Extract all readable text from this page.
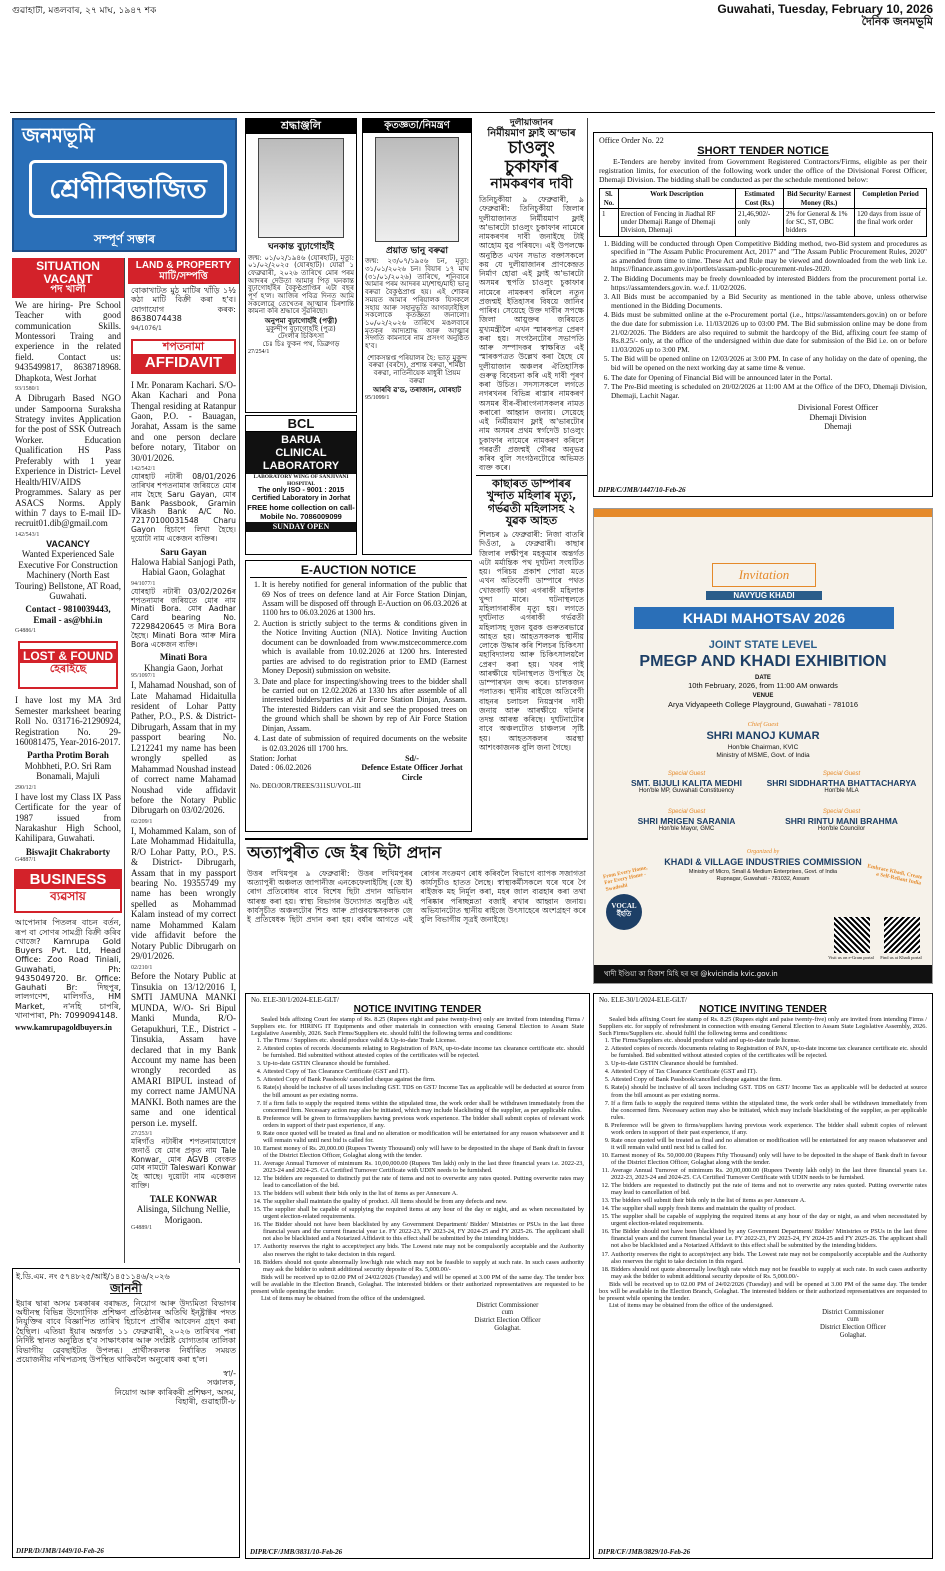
গুৱাহাটী, মঙলবাৰ, ২৭ মাঘ, ১৯৪৭ শক	Guwahati, Tuesday, February 10, 2026
দৈনিক জনমভূমি
জনমভূমি
শ্ৰেণীবিভাজিত
সম্পূৰ্ণ সম্ভাৰ
SITUATION VACANT
পদ খালী

We are hiring- Pre School Teacher with good communication Skills. Montessori Traing and experience in the related field. Contact us: 9435499817, 8638718968. Dhapkota, West Jorhat

93/1580/1

A Dibrugarh Based NGO under Sampoorna Suraksha Strategy invites Application for the post of SSK Outreach Worker. Education Qualification HS Pass Preferably with 1 year Experience in District- Level Health/HIV/AIDS Programmes. Salary as per ASACS Norms. Apply within 7 days to E-mail ID-recruit01.dib@gmail.com

142/543/1
VACANCY

Wanted Experienced Sale Executive For Construction Machinery (North East Touring) Bellstone, AT Road, Guwahati.

Contact - 9810039443, Email - as@bhi.in

G4886/1
LOST & FOUND
হেৰাইছে

I have lost my MA 3rd Semester marksheet bearing Roll No. 031716-21290924, Registration No. 29-160081475, Year-2016-2017.

Partha Protim Borah

Mohbheti, P.O. Sri Ram Bonamali, Majuli

290/12/1

I have lost my Class IX Pass Certificate for the year of 1987 issued from Narakashur High School, Kahilipara, Guwahati.

Biswajit Chakraborty

G4887/1
BUSINESS
ব্যৱসায়

আপোনাৰ পিতলৰ বাচন বৰ্তন, ৰূপ বা সোণৰ সামগ্ৰী বিক্ৰী কৰিব খোজে? Kamrupa Gold Buyers Pvt. Ltd, Head Office: Zoo Road Tiniali, Guwahati, Ph: 9435049720. Br. Office: Gauhati Br: দিছপুৰ, লালগণেশ, মালিগাঁও, HM Market, ন'নহি চাপৰি, খানাপাৰা, Ph: 7099094148.

www.kamrupagoldbuyers.in

LAND & PROPERTY
মাটি/সম্পত্তি

বোকাখাটত মুঠ মাটিৰ খাঁড়ি ১½ কঠা মাটি বিক্ৰী কৰা হ'ব। যোগাযোগ কৰক: 8638074438

94/1076/1
শপতনামা
AFFIDAVIT

I Mr. Ponaram Kachari. S/O- Akan Kachari and Pona Thengal residing at Ratanpur Gaon, P.O. - Bauagan, Jorahat, Assam is the same and one person declare before notary, Titabor on 30/01/2026.

142/542/1

যোৰহাট নটাৰী 08/01/2026 তাৰিখৰ শপতনামাৰ জৰিয়তে মোৰ নাম হৈছে Saru Gayan, মোৰ Bank Passbook, Gramin Vikash Bank A/C No. 72170100031548 Charu Gayon হিচাপে লিখা হৈছে। দুয়োটা নাম একেজন ব্যক্তিৰ।

Saru Gayan

Halowa Habial Sanjogi Path, Habial Gaon, Golaghat

94/1077/1

যোৰহাট নটাৰী 03/02/2026ৰ শপতনামাৰ জৰিয়তে মোৰ নাম Minati Bora. মোৰ Aadhar Card bearing No. 72298420645 ত Mira Bora হৈছে। Minati Bora আৰু Mira Bora একেজন ব্যক্তি।

Minati Bora

Khangia Gaon, Jorhat

95/1097/1

I, Mahamad Noushad, son of Late Mahamad Hidaitulla resident of Lohar Patty Pather, P.O., P.S. & District-Dibrugarh, Assam that in my passport bearing No. L212241 my name has been wrongly spelled as Mahammad Noushad instead of correct name Mahamad Noushad vide affidavit before the Notary Public Dibrugarh on 03/02/2026.

02/209/1

I, Mohammed Kalam, son of Late Mohammad Hidaitulla, R/O Lohar Patty, P.O., P.S. & District- Dibrugarh, Assam that in my passport bearing No. 19355749 my name has been wrongly spelled as Mohammad Kalam instead of my correct name Mohammed Kalam vide affidavit before the Notary Public Dibrugarh on 29/01/2026.

02/210/1

Before the Notary Public at Tinsukia on 13/12/2016 I, SMTI JAMUNA MANKI MUNDA, W/O- Sri Bipul Manki Munda, R/O- Getapukhuri, T.E., District - Tinsukia, Assam have declared that in my Bank Account my name has been wrongly recorded as AMARI BIPUL instead of my correct name JAMUNA MANKI. Both names are the same and one identical person i.e. myself.

27/253/1

মৰিগাঁও নটাৰীৰ শপতনামাযোগে জনাওঁ যে মোৰ প্ৰকৃত নাম Tale Konwar, মোৰ AGVB বেংকত মোৰ নামটো Taleswari Konwar হৈ আছে। দুয়োটা নাম একেজন ব্যক্তি।

TALE KONWAR

Alisinga, Silchung Nellie, Morigaon.

G4889/1
ই.ডি.এম. নং ৫৭৪৮২৫/আই/১৪৫১১৪৬/২০২৬
জাননী

ইয়াৰ দ্বাৰা অসম চৰকাৰৰ বৰাদ্ধত, নিয়োগ আৰু উদ্যমিতা বিভাগৰ অধীনস্থ বিভিন্ন উদ্যোগিক প্ৰশিক্ষণ প্ৰতিষ্ঠানৰ অতিথি ইন্‌ষ্ট্ৰাক্টৰ পদত নিযুক্তিৰ বাবে বিজ্ঞাপিত তাৰিখ হিচাপে প্ৰাৰ্থীৰ আবেদন গ্ৰহণ কৰা হৈছিল। এতিয়া ইয়াৰ অন্তৰ্গত ১১ ফেব্ৰুৱাৰী, ২০২৬ তাৰিখৰ পৰা নিৰ্দিষ্ট স্থানত অনুষ্ঠিত হ'ব সাক্ষাৎকাৰ আৰু সংশ্লিষ্ট যোগ্যতাৰ তালিকা বিভাগীয় ৱেবছাইটত উপলব্ধ। প্ৰাৰ্থীসকলক নিৰ্ধাৰিত সময়ত প্ৰয়োজনীয় নথিপত্ৰসহ উপস্থিত থাকিবলৈ অনুৰোধ কৰা হ'ল।

স্বা/-
সঞ্চালক,
নিয়োগ আৰু কাৰিকৰী প্ৰশিক্ষণ, অসম,
বিহাৰী, গুৱাহাটী-৮
DIPR/D/JMB/1449/10-Feb-26
শ্ৰদ্ধাঞ্জলি
ঘনকান্ত বুঢ়াগোহাঁই

জন্ম: ০১/০২/১৯৪৬ (যোৰহাট), মৃত্যু: ০১/০২/২০২৫ (যোৰহাট)। যোৱা ১ ফেব্ৰুৱাৰী, ২০২৬ তাৰিখে মোৰ পৰম আদৰৰ দেউতা আমাৰ পিতৃ ঘনকান্ত বুঢ়াগোহাঁইৰ বৈকুণ্ঠপ্ৰাপ্তিৰ এটা বছৰ পূৰ্ণ হ'ল। আজিৰ পবিত্ৰ দিনত আমি সকলোৱে তেখেতৰ আত্মাৰ চিৰশান্তি কামনা কৰি শ্ৰদ্ধাৰে সুঁৱৰিছো।

অনুপমা বুঢ়াগোহাঁই (পত্নী)
মুকুন্দীপ বুঢ়াগোহাঁই (পুত্ৰ)
টেংলাৰ চিকিৎসা
চেঃ চিঃ ফুকন পথ, ডিব্ৰুগড়
27/254/1
BCL
BARUA
CLINICAL
LABORATORY
LABORATORY WING OF SANJIVANI HOSPITAL
The only ISO - 9001 : 2015 Certified Laboratory in Jorhat
FREE home collection on call- Mobile No. 7086009099
SUNDAY OPEN
কৃতজ্ঞতা/নিমন্ত্ৰণ
প্ৰয়াত ভানু বৰুৱা

জন্ম: ২৩/০৭/১৯৫৬ চন, মৃত্যু: ৩১/০১/২০২৬ চন। বিয়াৰ ১৭ মাঘ (৩১/০১/২০২৬) তাৰিখে, শনিবাৰে আমাৰ পৰম আদৰৰ মা/শাহু/মাহী ভানু বৰুৱা বৈকুণ্ঠপ্ৰাপ্ত হয়। এই শোকৰ সময়ত আমাৰ পৰিয়ালক যিসকলে সহায় আৰু সহানুভূতি আগবঢ়াইছিল সকলোকে কৃতজ্ঞতা জনালো। ১০/০২/২০২৬ তাৰিখে মঙলবাৰে মৃতকৰ আদ্যশ্ৰাদ্ধ আৰু আত্মাৰ সদ্গতি কামনাৰে নাম প্ৰসংগ অনুষ্ঠিত হ'ব।

শোকসন্তপ্ত পৰিয়ালৰ হৈ: ভাতৃ মুকুন্দ বৰুৱা (বৰদৈ), প্ৰশান্ত বৰুৱা, শৰ্মিষ্ঠা বৰুৱা, নাতিনীয়েক মাধুৰী প্ৰিয়ম বৰুৱা

আৰবি ৱ'ড, তৰাজান, যোৰহাট
95/1099/1
E-AUCTION NOTICE
1. It is hereby notified for general information of the public that 69 Nos of trees on defence land at Air Force Station Dinjan, Assam will be disposed off through E-Auction on 06.03.2026 at 1100 hrs to 06.03.2026 at 1300 hrs.
2. Auction is strictly subject to the terms & conditions given in the Notice Inviting Auction (NIA). Notice Inviting Auction document can be downloaded from www.mstcecommerce.com which is available from 10.02.2026 at 1200 hrs. Interested parties are advised to do registration prior to EMD (Earnest Money Deposit) submission on website.
3. Date and place for inspecting/showing trees to the bidder shall be carried out on 12.02.2026 at 1330 hrs after assemble of all interested bidders/parties at Air Force Station Dinjan, Assam. The interested Bidders can visit and see the proposed trees on the ground which shall be shown by rep of Air Force Station Dinjan, Assam.
4. Last date of submission of required documents on the website is 02.03.2026 till 1700 hrs.
Station: Jorhat
Dated : 06.02.2026
Sd/-
Defence Estate Officer Jorhat Circle
No. DEO/JOR/TREES/311SU/VOL-III
দুলীয়াজানৰ
নিৰ্মীয়মাণ ফ্লাই অ'ভাৰ
চাওলুং
চুকাফাৰ
নামকৰণৰ দাবী

তিনিচুকীয়া ৯ ফেব্ৰুৱাৰী, ৯ ফেব্ৰুৱাৰী: তিনিচুকীয়া জিলাৰ দুলীয়াজানত নিৰ্মীয়মাণ ফ্লাই অ'ভাৰটো চাওলুং চুকাফাৰ নামেৰে নামকৰণৰ দাবী জনাইছে টাই আহোম যুৱ পৰিষদে। এই উপলক্ষে অনুষ্ঠিত এখন সভাত বক্তাসকলে কয় যে দুলীয়াজানৰ প্ৰাণকেন্দ্ৰত নিৰ্মাণ হোৱা এই ফ্লাই অ'ভাৰটো অসমৰ স্থপতি চাওলুং চুকাফাৰ নামেৰে নামকৰণ কৰিলে নতুন প্ৰজন্মই ইতিহাসৰ বিষয়ে জানিব পাৰিব। সেয়েহে উক্ত দাবীৰ সপক্ষে জিলা আয়ুক্তৰ জৰিয়তে মুখ্যমন্ত্ৰীলৈ এখন স্মাৰকপত্ৰ প্ৰেৰণ কৰা হয়। সংগঠনটোৰ সভাপতি আৰু সম্পাদকৰ স্বাক্ষৰিত এই স্মাৰকপত্ৰত উল্লেখ কৰা হৈছে যে দুলীয়াজান অঞ্চলৰ ঐতিহাসিক গুৰুত্ব বিবেচনা কৰি এই দাবী পূৰণ কৰা উচিত। সদস্যসকলে লগতে নগৰখনৰ বিভিন্ন ৰাস্তাৰ নামকৰণ অসমৰ বীৰ-বীৰাংগনাসকলৰ নামত কৰাৰো আহ্বান জনায়। সেয়েহে এই নিৰ্মীয়মাণ ফ্লাই অ'ভাৰটোৰ নাম অসমৰ প্ৰথম স্বৰ্গদেউ চাওলুং চুকাফাৰ নামেৰে নামকৰণ কৰিলে পৰৱৰ্তী প্ৰজন্মই গৌৰৱ অনুভৱ কৰিব বুলি সংগঠনটোৱে অভিমত ব্যক্ত কৰে।

কাছাৰত ডাম্পাৰৰ
খুন্দাত মহিলাৰ মৃত্যু,
গৰ্ভৱতী মহিলাসহ ২
যুৱক আহত

শিলচৰ ৯ ফেব্ৰুৱাৰী: নিজা বাতৰি দিওঁতা, ৯ ফেব্ৰুৱাৰী। কাছাৰ জিলাৰ লক্ষীপুৰ মহকুমাৰ অন্তৰ্গত এটা মৰ্মান্তিক পথ দুৰ্ঘটনা সংঘটিত হয়। পৰিচয় প্ৰকাশ পোৱা মতে এখন অতিবেগী ডাম্পাৰে পথত খোজকাঢ়ি থকা এগৰাকী মহিলাক খুন্দা মাৰে। ঘটনাস্থলতে মহিলাগৰাকীৰ মৃত্যু হয়। লগতে দুৰ্ঘটনাত এগৰাকী গৰ্ভৱতী মহিলাসহ দুজন যুৱক গুৰুতৰভাৱে আহত হয়। আহতসকলক স্থানীয় লোকে উদ্ধাৰ কৰি শিলচৰ চিকিৎসা মহাবিদ্যালয় আৰু চিকিৎসালয়লৈ প্ৰেৰণ কৰা হয়। খবৰ পাই আৰক্ষীয়ে ঘটনাস্থলত উপস্থিত হৈ ডাম্পাৰখন জব্দ কৰে। চালকজন পলাতক। স্থানীয় ৰাইজে অতিবেগী বাহনৰ চলাচল নিয়ন্ত্ৰণৰ দাবী জনায় আৰু আৰক্ষীয়ে ঘটনাৰ তদন্ত আৰম্ভ কৰিছে। দুৰ্ঘটনাটোৰ বাবে অঞ্চলটোত চাঞ্চল্যৰ সৃষ্টি হয়। আহতসকলৰ অৱস্থা আশংকাজনক বুলি জনা গৈছে।

অত্যাপুৰীত জে ইৰ ছিটা প্ৰদান

উত্তৰ লখিমপুৰ ৯ ফেব্ৰুৱাৰী: উত্তৰ লখিমপুৰৰ অত্যাপুৰী অঞ্চলত জাপানীজ এনকেফেলাইটিছ (জে ই) ৰোগ প্ৰতিৰোধৰ বাবে বিশেষ ছিটা প্ৰদান অভিযান আৰম্ভ কৰা হয়। স্বাস্থ্য বিভাগৰ উদ্যোগত অনুষ্ঠিত এই কাৰ্যসূচীত অঞ্চলটোৰ শিশু আৰু প্ৰাপ্তবয়স্কসকলক জে ই প্ৰতিষেধক ছিটা প্ৰদান কৰা হয়। বৰ্ষাৰ আগতে এই ৰোগৰ সংক্ৰমণ ৰোধ কৰিবলৈ বিভাগে ব্যাপক সজাগতা কাৰ্যসূচীও হাতত লৈছে। স্বাস্থ্যকৰ্মীসকলে ঘৰে ঘৰে গৈ ৰাইজক মহ নিৰ্মূল কৰা, মহৰ জাল ব্যৱহাৰ কৰা তথা পৰিষ্কাৰ পৰিচ্ছন্নতা বজাই ৰখাৰ আহ্বান জনায়। অভিযানটোত স্থানীয় ৰাইজে উৎসাহেৰে অংশগ্ৰহণ কৰে বুলি বিভাগীয় সূত্ৰই জনাইছে।

Office Order No. 22
SHORT TENDER NOTICE

E-Tenders are hereby invited from Government Registered Contractors/Firms, eligible as per their registration limits, for execution of the following work under the office of the Divisional Forest Officer, Dhemaji Division. The bidding shall be conducted as per the schedule mentioned below:

Sl. No.	Work Description	Estimated Cost (Rs.)	Bid Security/ Earnest Money (Rs.)	Completion Period
1	Erection of Fencing in Jiadhal RF under Dhemaji Range of Dhemaji Division, Dhemaji	21,46,902/- only	2% for General & 1% for SC, ST, OBC bidders	120 days from issue of the final work order
1. Bidding will be conducted through Open Competitive Bidding method, two-Bid system and procedures as specified in "The Assam Public Procurement Act, 2017" and "The Assam Public Procurement Rules, 2020" as amended from time to time. These Act and Rule may be viewed and downloaded from the web link i.e. https://finance.assam.gov.in/portlets/assam-public-procurement-rules-2020.
2. The Bidding Documents may be freely downloaded by interested Bidders from the procurement portal i.e. https://assamtenders.gov.in. w.e.f. 11/02/2026.
3. All Bids must be accompanied by a Bid Security as mentioned in the table above, unless otherwise mentioned in the Bidding Documents.
4. Bids must be submitted online at the e-Procurement portal (i.e., https://assamtenders.gov.in) on or before the due date for submission i.e. 11/03/2026 up to 03:00 PM. The Bid submission online may be done from 21/02/2026. The Bidders are also required to submit the hardcopy of the Bid, affixing court fee stamp of Rs.8.25/- only, at the office of the undersigned within due date for submission of the Bid i.e. on or before 11/03/2026 up to 3:00 PM.
5. The Bid will be opened online on 12/03/2026 at 3:00 PM. In case of any holiday on the date of opening, the bid will be opened on the next working day at same time & venue.
6. The date for Opening of Financial Bid will be announced later in the Portal.
7. The Pre-Bid meeting is scheduled on 20/02/2026 at 11:00 AM at the Office of the DFO, Dhemaji Division, Dhemaji, Lachit Nagar.
Divisional Forest Officer
Dhemaji Division
Dhemaji
DIPR/C/JMB/1447/10-Feb-26
Invitation
NAVYUG KHADI
KHADI MAHOTSAV 2026
JOINT STATE LEVEL
PMEGP AND KHADI EXHIBITION
DATE
10th February, 2026, from 11:00 AM onwards
VENUE
Arya Vidyapeeth College Playground, Guwahati - 781016
Chief Guest
SHRI MANOJ KUMAR
Hon'ble Chairman, KVIC
Ministry of MSME, Govt. of India
Special Guest
SMT. BIJULI KALITA MEDHI
Hon'ble MP, Guwahati Constituency
Special Guest
SHRI SIDDHARTHA BHATTACHARYA
Hon'ble MLA
Special Guest
SHRI MRIGEN SARANIA
Hon'ble Mayor, GMC
Special Guest
SHRI RINTU MANI BRAHMA
Hon'ble Councilor
Organized by
KHADI & VILLAGE INDUSTRIES COMMISSION
Ministry of Micro, Small & Medium Enterprises, Govt. of India
Rupnagar, Guwahati - 781032, Assam
From Every Home, For Every Home - Swadeshi
Embrace Khadi, Create a Self-Reliant India
VOCAL
ইঁহতি
খাদী ইণ্ডিয়া কা বিকাশ মিহি হৰ হৰ @kvicindia kvic.gov.in
Visit us on e-Gram portal	Find us at Khadi portal
No. ELE-30/1/2024-ELE-GLT/
NOTICE INVITING TENDER

Sealed bids affixing Court fee stamp of Rs. 8.25 (Rupees eight and paise twenty-five) only are invited from intending Firms / Suppliers etc. for HIRING IT Equipments and other materials in connection with ensuing General Election to Assam State Legislative Assembly, 2026. Such Firms/Suppliers etc. should fulfil the following terms and conditions:

1. The Firms / Suppliers etc. should produce valid & Up-to-date Trade License.
2. Attested copies of records /documents relating to Registration of PAN, up-to-date income tax clearance certificate etc. should be furnished. Bid submitted without attested copies of the certificates will be rejected.
3. Up-to-date GSTIN Clearance should be furnished.
4. Attested Copy of Tax Clearance Certificate (GST and IT).
5. Attested Copy of Bank Passbook/ cancelled cheque against the firm.
6. Rate(s) should be inclusive of all taxes including GST. TDS on GST/ Income Tax as applicable will be deducted at source from the bill amount as per existing norms.
7. If a firm fails to supply the required items within the stipulated time, the work order shall be withdrawn immediately from the concerned firm. Necessary action may also be initiated, which may include blacklisting of the supplier, as per applicable rules.
8. Preference will be given to firms/suppliers having previous work experience. The bidder shall submit copies of relevant work orders in support of their past experience, if any.
9. Rate once quoted will be treated as final and no alteration or modification will be entertained for any reason whatsoever and it will remain valid until next bid is called for.
10. Earnest money of Rs. 20,000.00 (Rupees Twenty Thousand) only will have to be deposited in the shape of Bank draft in favour of the District Election Officer, Golaghat along with the tender.
11. Average Annual Turnover of minimum Rs. 10,00,000.00 (Rupees Ten lakh) only in the last three financial years i.e. 2022-23, 2023-24 and 2024-25. CA Certified Turnover Certificate with UDIN needs to be furnished.
12. The bidders are requested to distinctly put the rate of items and not to overwrite any rates quoted. Putting overwrite rates may lead to cancellation of the bid.
13. The bidders will submit their bids only in the list of items as per Annexure A.
14. The supplier shall maintain the quality of product. All items should be from any defects and new.
15. The supplier shall be capable of supplying the required items at any hour of the day or night, and as when necessitated by urgent election-related requirements.
16. The Bidder should not have been blacklisted by any Government Department/ Bidder/ Ministries or PSUs in the last three financial years and the current financial year i.e. FY 2022-23, FY 2023-24, FY 2024-25 and FY 2025-26. The applicant shall not also be blacklisted and a Notarized Affidavit to this effect shall be submitted by the intending bidders.
17. Authority reserves the right to accept/reject any bids. The Lowest rate may not be compulsorily acceptable and the Authority also reserves the right to take decision in this regard.
18. Bidders should not quote abnormally low/high rate which may not be feasible to supply at such rate. In such cases authority may ask the bidder to submit additional security deposite of Rs. 5,000.00/-

Bids will be received up to 02.00 PM of 24/02/2026 (Tuesday) and will be opened at 3.00 PM of the same day. The tender box will be available in the Election Branch, Golaghat. The interested bidders or their authorized representatives are requested to be present while opening the tender.

List of items may be obtained from the office of the undersigned.

District Commissioner
cum
District Election Officer
Golaghat.
DIPR/CF/JMB/3831/10-Feb-26
No. ELE-30/1/2024-ELE-GLT/
NOTICE INVITING TENDER

Sealed bids affixing Court fee stamp of Rs. 8.25 (Rupees eight and paise twenty-five) only are invited from intending Firms / Suppliers etc. for supply of refreshment in connection with ensuing General Election to Assam State Legislative Assembly, 2026. Such Firms/Suppliers etc. should fulfil the following terms and conditions:

1. The Firms/Suppliers etc. should produce valid and up-to-date trade license.
2. Attested copies of records /documents relating to Registration of PAN, up-to-date income tax clearance certificate etc. should be furnished. Bid submitted without attested copies of the certificates will be rejected.
3. Up-to-date GSTIN Clearance should be furnished.
4. Attested Copy of Tax Clearance Certificate (GST and IT).
5. Attested Copy of Bank Passbook/cancelled cheque against the firm.
6. Rate(s) should be inclusive of all taxes including GST. TDS on GST/ Income Tax as applicable will be deducted at source from the bill amount as per existing norms.
7. If a firm fails to supply the required items within the stipulated time, the work order shall be withdrawn immediately from the concerned firm. Necessary action may also be initiated, which may include blacklisting of the supplier, as per applicable rules.
8. Preference will be given to firms/suppliers having previous work experience. The bidder shall submit copies of relevant work orders in support of their past experience, if any.
9. Rate once quoted will be treated as final and no alteration or modification will be entertained for any reason whatsoever and it will remain valid until next bid is called for.
10. Earnest money of Rs. 50,000.00 (Rupees Fifty Thousand) only will have to be deposited in the shape of Bank draft in favour of the District Election Officer, Golaghat along with the tender.
11. Average Annual Turnover of minimum Rs. 20,00,000.00 (Rupees Twenty lakh only) in the last three financial years i.e. 2022-23, 2023-24 and 2024-25. CA Certified Turnover Certificate with UDIN needs to be furnished.
12. The bidders are requested to distinctly put the rate of items and not to overwrite any rates quoted. Putting overwrite rates may lead to cancellation of bid.
13. The bidders will submit their bids only in the list of items as per Annexure A.
14. The supplier shall supply fresh items and maintain the quality of product.
15. The supplier shall be capable of supplying the required items at any hour of the day or night, as and when necessitated by urgent election-related requirements.
16. The Bidder should not have been blacklisted by any Government Department/ Bidder/ Ministries or PSUs in the last three financial years and the current financial year i.e. FY 2022-23, FY 2023-24, FY 2024-25 and FY 2025-26. The applicant shall not also be blacklisted and a Notarized Affidavit to this effect shall be submitted by the intending bidders.
17. Authority reserves the right to accept/reject any bids. The Lowest rate may not be compulsorily acceptable and the Authority also reserves the right to take decision in this regard.
18. Bidders should not quote abnormally low/high rate which may not be feasible to supply at such rate. In such cases authority may ask the bidder to submit additional security deposite of Rs. 5,000.00/-

Bids will be received up to 02.00 PM of 24/02/2026 (Tuesday) and will be opened at 3.00 PM of the same day. The tender box will be available in the Election Branch, Golaghat. The interested bidders or their authorized representatives are requested to be present while opening the tender.

List of items may be obtained from the office of the undersigned.

District Commissioner
cum
District Election Officer
Golaghat.
DIPR/CF/JMB/3829/10-Feb-26
